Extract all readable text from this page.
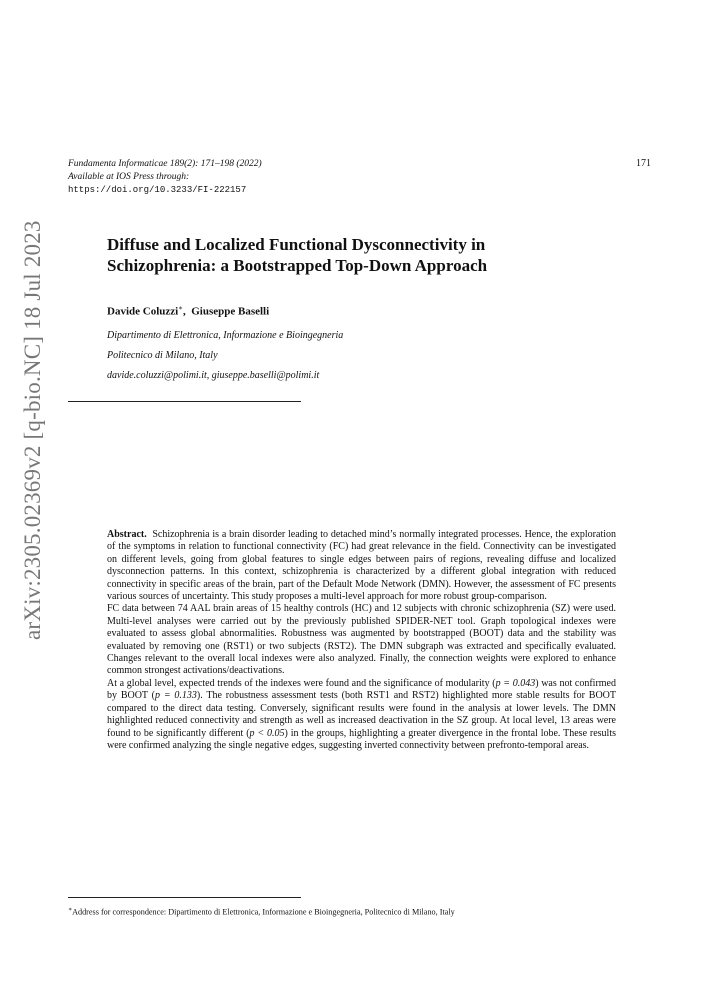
arXiv:2305.02369v2 [q-bio.NC] 18 Jul 2023
Fundamenta Informaticae 189(2): 171–198 (2022)
Available at IOS Press through:
https://doi.org/10.3233/FI-222157
171
Diffuse and Localized Functional Dysconnectivity in
Schizophrenia: a Bootstrapped Top-Down Approach
Davide Coluzzi∗,  Giuseppe Baselli
Dipartimento di Elettronica, Informazione e Bioingegneria
Politecnico di Milano, Italy
davide.coluzzi@polimi.it, giuseppe.baselli@polimi.it

Abstract. Schizophrenia is a brain disorder leading to detached mind’s normally integrated processes. Hence, the exploration of the symptoms in relation to functional connectivity (FC) had great relevance in the field. Connectivity can be investigated on different levels, going from global features to single edges between pairs of regions, revealing diffuse and localized dysconnection patterns. In this context, schizophrenia is characterized by a different global integration with reduced connectivity in specific areas of the brain, part of the Default Mode Network (DMN). However, the assessment of FC presents various sources of uncertainty. This study proposes a multi-level approach for more robust group-comparison.

FC data between 74 AAL brain areas of 15 healthy controls (HC) and 12 subjects with chronic schizophrenia (SZ) were used. Multi-level analyses were carried out by the previously published SPIDER-NET tool. Graph topological indexes were evaluated to assess global abnormalities. Robustness was augmented by bootstrapped (BOOT) data and the stability was evaluated by removing one (RST1) or two subjects (RST2). The DMN subgraph was extracted and specifically evaluated. Changes relevant to the overall local indexes were also analyzed. Finally, the connection weights were explored to enhance common strongest activations/deactivations.

At a global level, expected trends of the indexes were found and the significance of modularity (p = 0.043) was not confirmed by BOOT (p = 0.133). The robustness assessment tests (both RST1 and RST2) highlighted more stable results for BOOT compared to the direct data testing. Conversely, significant results were found in the analysis at lower levels. The DMN highlighted reduced connectivity and strength as well as increased deactivation in the SZ group. At local level, 13 areas were found to be significantly different (p < 0.05) in the groups, highlighting a greater divergence in the frontal lobe. These results were confirmed analyzing the single negative edges, suggesting inverted connectivity between prefronto-temporal areas.

∗Address for correspondence: Dipartimento di Elettronica, Informazione e Bioingegneria, Politecnico di Milano, Italy
